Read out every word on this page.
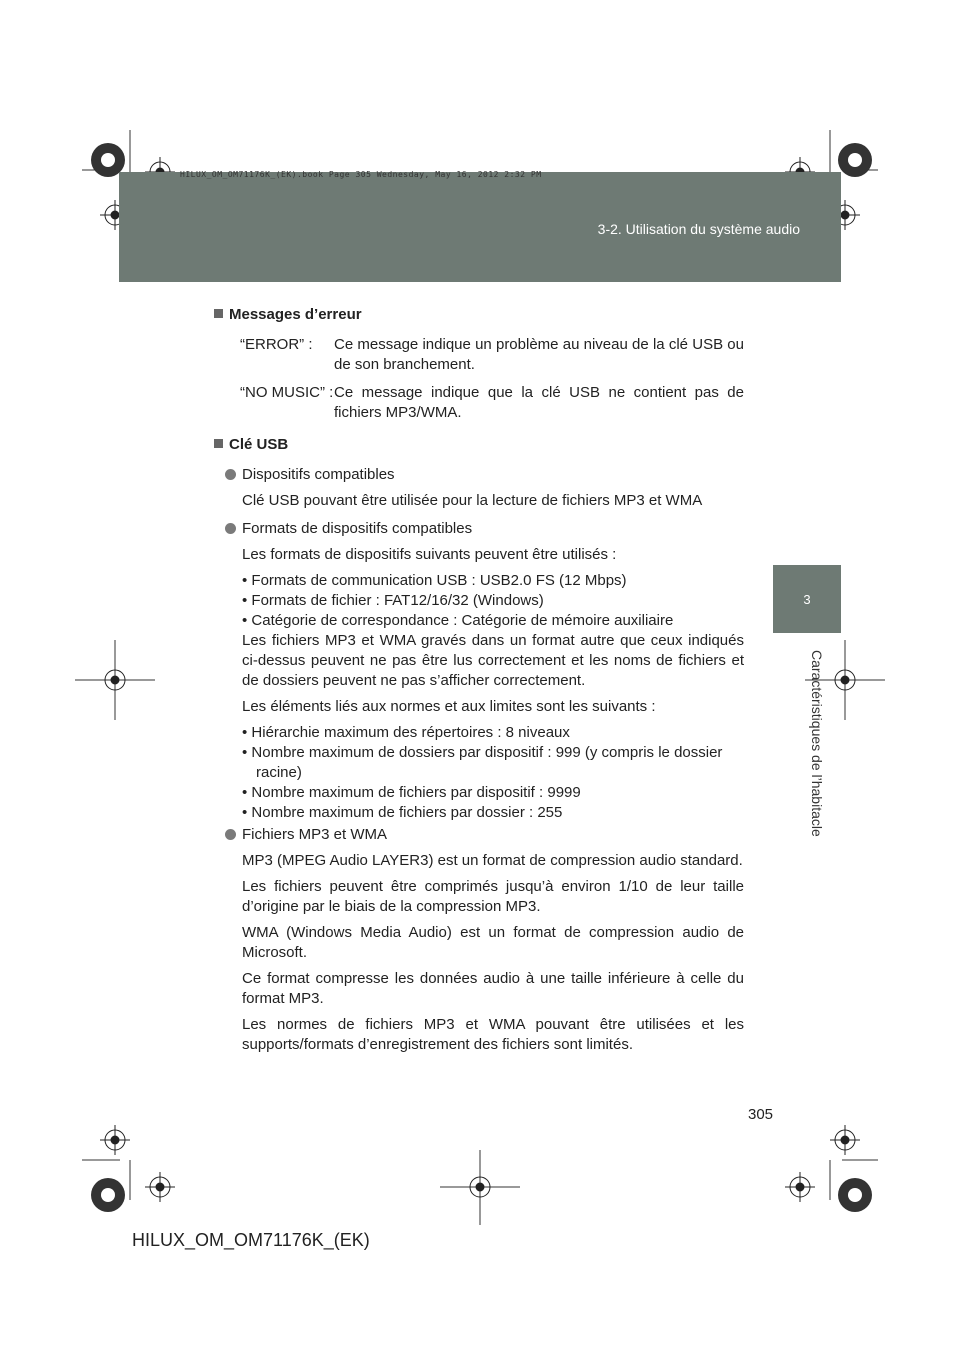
HILUX_OM_OM71176K_(EK).book Page 305 Wednesday, May 16, 2012 2:32 PM
3-2. Utilisation du système audio
3
Caractéristiques de l’habitacle
Messages d’erreur
“ERROR” :	Ce message indique un problème au niveau de la clé USB ou de son branchement.
“NO MUSIC” : Ce message indique que la clé USB ne contient pas de fichiers MP3/WMA.
Clé USB
Dispositifs compatibles
Clé USB pouvant être utilisée pour la lecture de fichiers MP3 et WMA
Formats de dispositifs compatibles
Les formats de dispositifs suivants peuvent être utilisés :
• Formats de communication USB : USB2.0 FS (12 Mbps)
• Formats de fichier : FAT12/16/32 (Windows)
• Catégorie de correspondance : Catégorie de mémoire auxiliaire
Les fichiers MP3 et WMA gravés dans un format autre que ceux indiqués ci-dessus peuvent ne pas être lus correctement et les noms de fichiers et de dossiers peuvent ne pas s’afficher correctement.
Les éléments liés aux normes et aux limites sont les suivants :
• Hiérarchie maximum des répertoires : 8 niveaux
• Nombre maximum de dossiers par dispositif : 999 (y compris le dossier racine)
• Nombre maximum de fichiers par dispositif : 9999
• Nombre maximum de fichiers par dossier : 255
Fichiers MP3 et WMA
MP3 (MPEG Audio LAYER3) est un format de compression audio standard.
Les fichiers peuvent être comprimés jusqu’à environ 1/10 de leur taille d’origine par le biais de la compression MP3.
WMA (Windows Media Audio) est un format de compression audio de Microsoft.
Ce format compresse les données audio à une taille inférieure à celle du format MP3.
Les normes de fichiers MP3 et WMA pouvant être utilisées et les supports/formats d’enregistrement des fichiers sont limités.
305
HILUX_OM_OM71176K_(EK)
